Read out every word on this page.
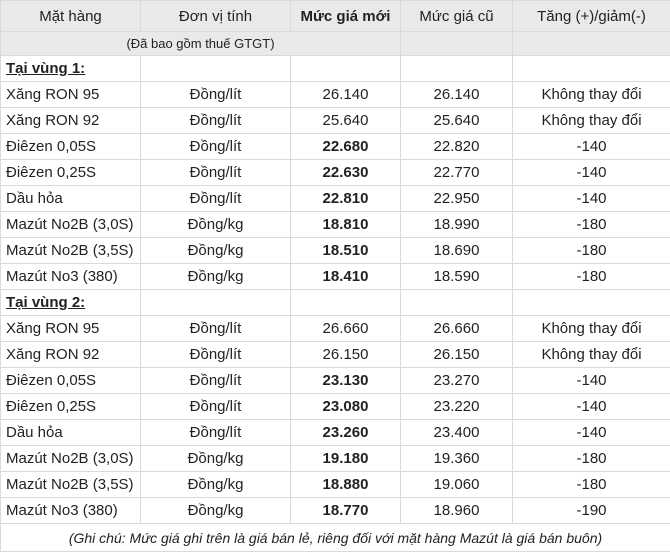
Mặt hàng	Đơn vị tính	Mức giá mới	Mức giá cũ	Tăng (+)/giảm(-)
(Đã bao gồm thuế GTGT)				
Tại vùng 1:				
Xăng RON 95	Đồng/lít	26.140	26.140	Không thay đổi
Xăng RON 92	Đồng/lít	25.640	25.640	Không thay đổi
Điêzen 0,05S	Đồng/lít	22.680	22.820	-140
Điêzen 0,25S	Đồng/lít	22.630	22.770	-140
Dầu hỏa	Đồng/lít	22.810	22.950	-140
Mazút No2B (3,0S)	Đồng/kg	18.810	18.990	-180
Mazút No2B (3,5S)	Đồng/kg	18.510	18.690	-180
Mazút No3 (380)	Đồng/kg	18.410	18.590	-180
Tại vùng 2:				
Xăng RON 95	Đồng/lít	26.660	26.660	Không thay đổi
Xăng RON 92	Đồng/lít	26.150	26.150	Không thay đổi
Điêzen 0,05S	Đồng/lít	23.130	23.270	-140
Điêzen 0,25S	Đồng/lít	23.080	23.220	-140
Dầu hỏa	Đồng/lít	23.260	23.400	-140
Mazút No2B (3,0S)	Đồng/kg	19.180	19.360	-180
Mazút No2B (3,5S)	Đồng/kg	18.880	19.060	-180
Mazút No3 (380)	Đồng/kg	18.770	18.960	-190
(Ghi chú: Mức giá ghi trên là giá bán lẻ, riêng đối với mặt hàng Mazút là giá bán buôn)				
